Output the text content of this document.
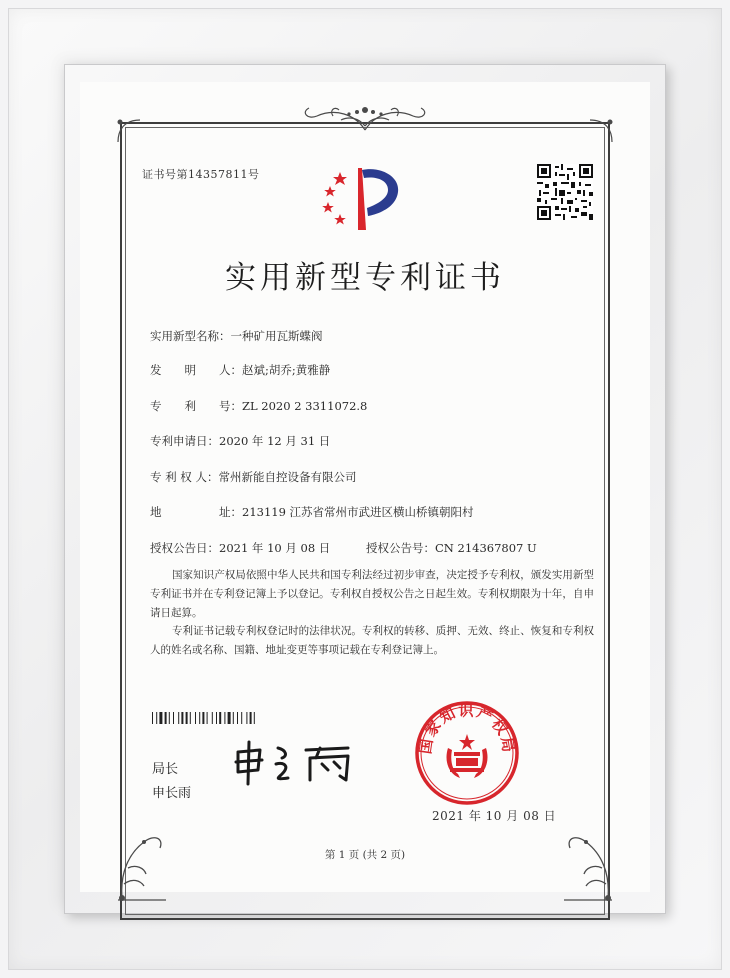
证书号第14357811号
实用新型专利证书
实用新型名称：一种矿用瓦斯蝶阀
发　　明　　人：赵斌;胡乔;黄雅静
专　　利　　号：ZL 2020 2 3311072.8
专利申请日：2020 年 12 月 31 日
专 利 权 人：常州新能自控设备有限公司
地　　　　　址：213119 江苏省常州市武进区横山桥镇朝阳村
授权公告日：2021 年 10 月 08 日	授权公告号：CN 214367807 U
国家知识产权局依照中华人民共和国专利法经过初步审查，决定授予专利权，颁发实用新型专利证书并在专利登记簿上予以登记。专利权自授权公告之日起生效。专利权期限为十年，自申请日起算。
专利证书记载专利权登记时的法律状况。专利权的转移、质押、无效、终止、恢复和专利权人的姓名或名称、国籍、地址变更等事项记载在专利登记簿上。
局长
申长雨
国家知识产权局
2021 年 10 月 08 日
第 1 页 (共 2 页)
